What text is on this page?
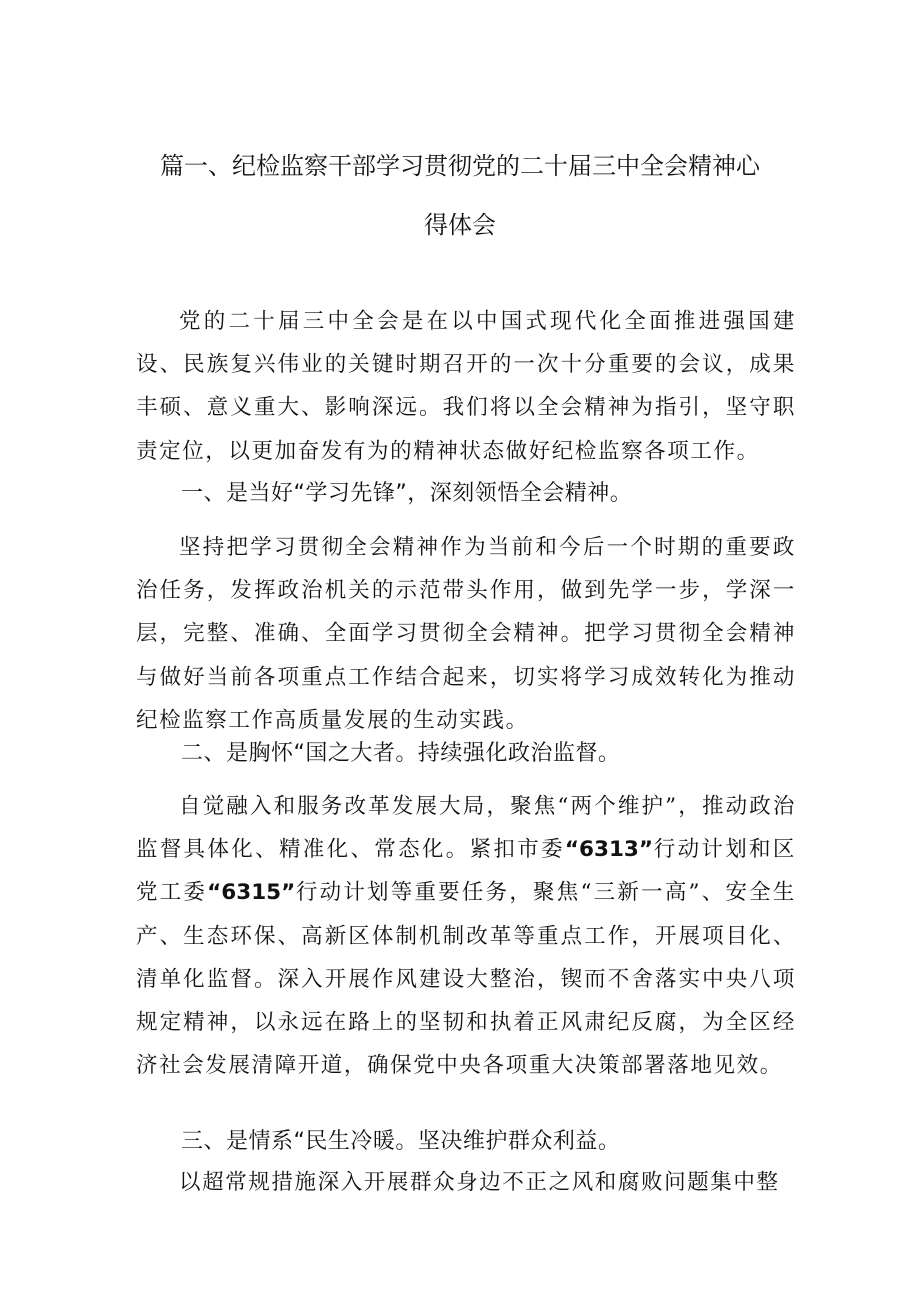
篇一、纪检监察干部学习贯彻党的二十届三中全会精神心
得体会

党的二十届三中全会是在以中国式现代化全面推进强国建设、民族复兴伟业的关键时期召开的一次十分重要的会议，成果丰硕、意义重大、影响深远。我们将以全会精神为指引，坚守职责定位，以更加奋发有为的精神状态做好纪检监察各项工作。

一、是当好“学习先锋”，深刻领悟全会精神。

坚持把学习贯彻全会精神作为当前和今后一个时期的重要政治任务，发挥政治机关的示范带头作用，做到先学一步，学深一层，完整、准确、全面学习贯彻全会精神。把学习贯彻全会精神与做好当前各项重点工作结合起来，切实将学习成效转化为推动纪检监察工作高质量发展的生动实践。

二、是胸怀“国之大者。持续强化政治监督。

自觉融入和服务改革发展大局，聚焦“两个维护”，推动政治监督具体化、精准化、常态化。紧扣市委“6313”行动计划和区党工委“6315”行动计划等重要任务，聚焦“三新一高”、安全生产、生态环保、高新区体制机制改革等重点工作，开展项目化、清单化监督。深入开展作风建设大整治，锲而不舍落实中央八项规定精神，以永远在路上的坚韧和执着正风肃纪反腐，为全区经济社会发展清障开道，确保党中央各项重大决策部署落地见效。

三、是情系“民生冷暖。坚决维护群众利益。

以超常规措施深入开展群众身边不正之风和腐败问题集中整
